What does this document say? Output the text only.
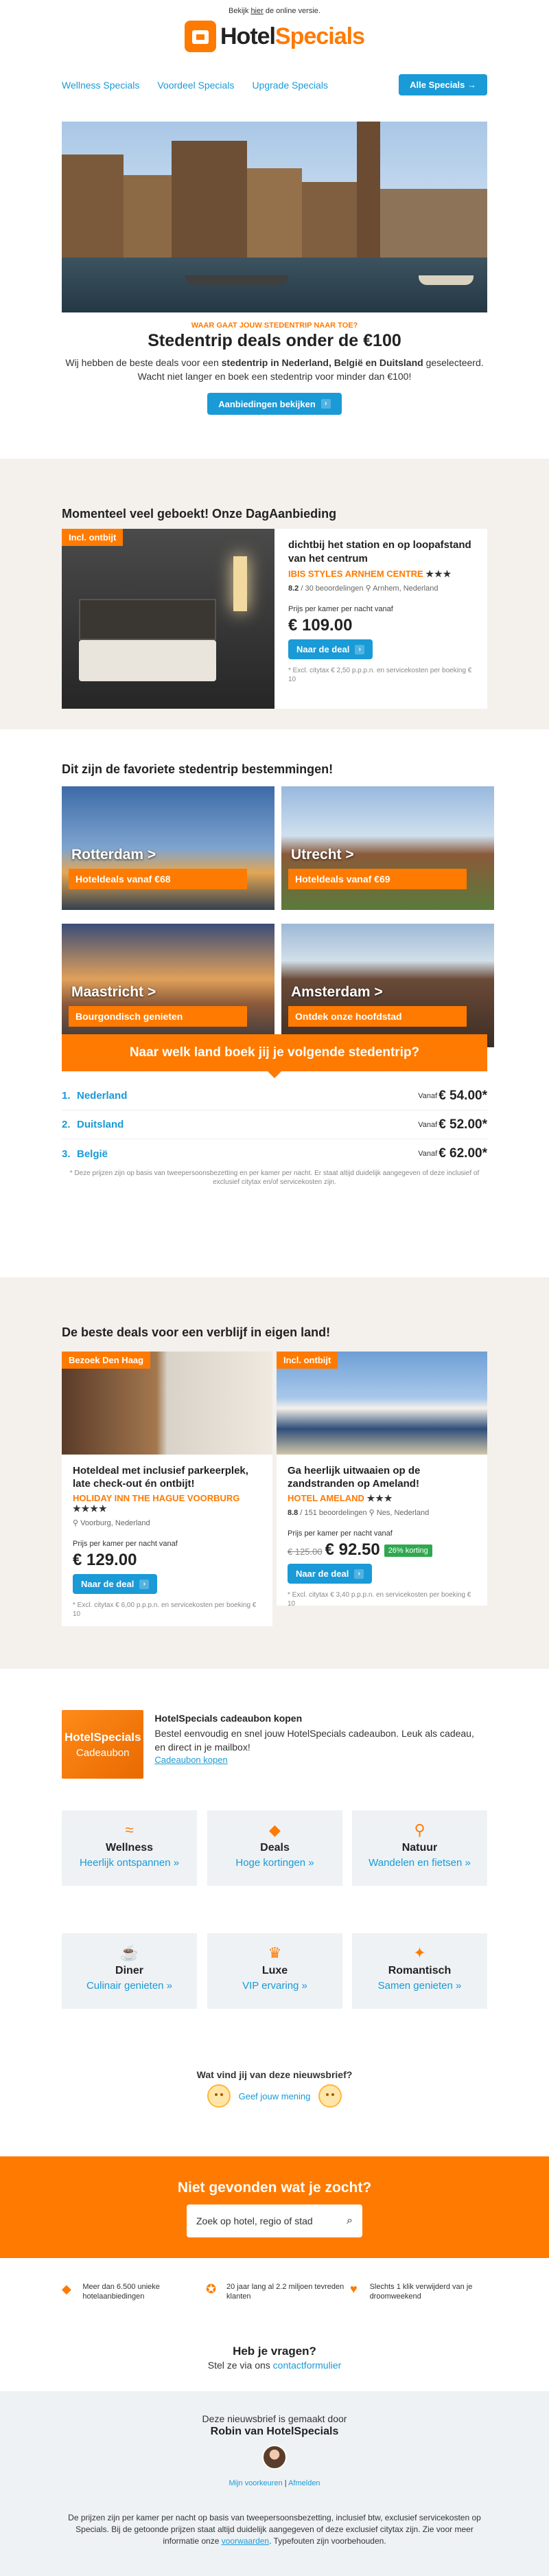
Bekijk hier de online versie.
HotelSpecials
Wellness Specials Voordeel Specials Upgrade Specials	Alle Specials →
WAAR GAAT JOUW STEDENTRIP NAAR TOE?
Stedentrip deals onder de €100
Wij hebben de beste deals voor een stedentrip in Nederland, België en Duitsland geselecteerd. Wacht niet langer en boek een stedentrip voor minder dan €100!
Aanbiedingen bekijken	›
Momenteel veel geboekt! Onze DagAanbieding
Incl. ontbijt
dichtbij het station en op loopafstand van het centrum
IBIS STYLES ARNHEM CENTRE ★★★
8.2 / 30 beoordelingen ⚲ Arnhem, Nederland
Prijs per kamer per nacht vanaf
€ 109.00
Naar de deal	›
* Excl. citytax € 2,50 p.p.p.n. en servicekosten per boeking € 10
Dit zijn de favoriete stedentrip bestemmingen!
Rotterdam >
Hoteldeals vanaf €68
Utrecht >
Hoteldeals vanaf €69
Maastricht >
Bourgondisch genieten
Amsterdam >
Ontdek onze hoofdstad
Naar welk land boek jij je volgende stedentrip?
1. Nederland	Vanaf € 54.00*
2. Duitsland	Vanaf € 52.00*
3. België	Vanaf € 62.00*
* Deze prijzen zijn op basis van tweepersoonsbezetting en per kamer per nacht. Er staat altijd duidelijk aangegeven of deze inclusief of exclusief citytax en/of servicekosten zijn.
De beste deals voor een verblijf in eigen land!
Bezoek Den Haag
Hoteldeal met inclusief parkeerplek, late check-out én ontbijt!
HOLIDAY INN THE HAGUE VOORBURG ★★★★
⚲ Voorburg, Nederland
Prijs per kamer per nacht vanaf
€ 129.00
Naar de deal	›
* Excl. citytax € 6,00 p.p.p.n. en servicekosten per boeking € 10
Incl. ontbijt
Ga heerlijk uitwaaien op de zandstranden op Ameland!
HOTEL AMELAND ★★★
8.8 / 151 beoordelingen ⚲ Nes, Nederland
Prijs per kamer per nacht vanaf
€ 125.00 € 92.50 26% korting
Naar de deal	›
* Excl. citytax € 3,40 p.p.p.n. en servicekosten per boeking € 10
HotelSpecials
Cadeaubon
HotelSpecials cadeaubon kopen

Bestel eenvoudig en snel jouw HotelSpecials cadeaubon. Leuk als cadeau, en direct in je mailbox!

Cadeaubon kopen
≈
Wellness
Heerlijk ontspannen »
◆
Deals
Hoge kortingen »
⚲
Natuur
Wandelen en fietsen »
☕
Diner
Culinair genieten »
♛
Luxe
VIP ervaring »
✦
Romantisch
Samen genieten »
Wat vind jij van deze nieuwsbrief?
Geef jouw mening
Niet gevonden wat je zocht?
Zoek op hotel, regio of stad
⌕
◆	Meer dan 6.500 unieke hotelaanbiedingen
✪	20 jaar lang al 2.2 miljoen tevreden klanten
♥	Slechts 1 klik verwijderd van je droomweekend
Heb je vragen?
Stel ze via ons contactformulier
Deze nieuwsbrief is gemaakt door
Robin van HotelSpecials
Mijn voorkeuren | Afmelden
De prijzen zijn per kamer per nacht op basis van tweepersoonsbezetting, inclusief btw, exclusief servicekosten op Specials. Bij de getoonde prijzen staat altijd duidelijk aangegeven of deze exclusief citytax zijn. Zie voor meer informatie onze voorwaarden. Typefouten zijn voorbehouden.
